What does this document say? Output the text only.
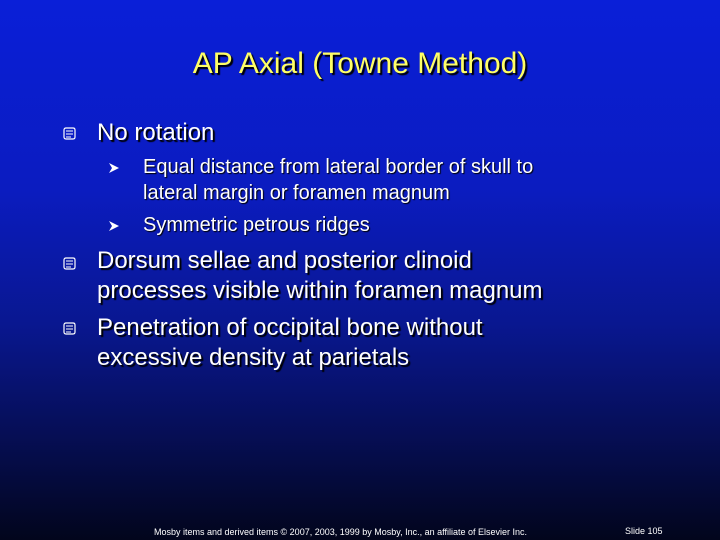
AP Axial (Towne Method)
No rotation
Equal distance from lateral border of skull to
lateral margin or foramen magnum
Symmetric petrous ridges
Dorsum sellae and posterior clinoid
processes visible within foramen magnum
Penetration of occipital bone without
excessive density at parietals
Mosby items and derived items © 2007, 2003, 1999 by Mosby, Inc., an affiliate of Elsevier Inc.	Slide 105
